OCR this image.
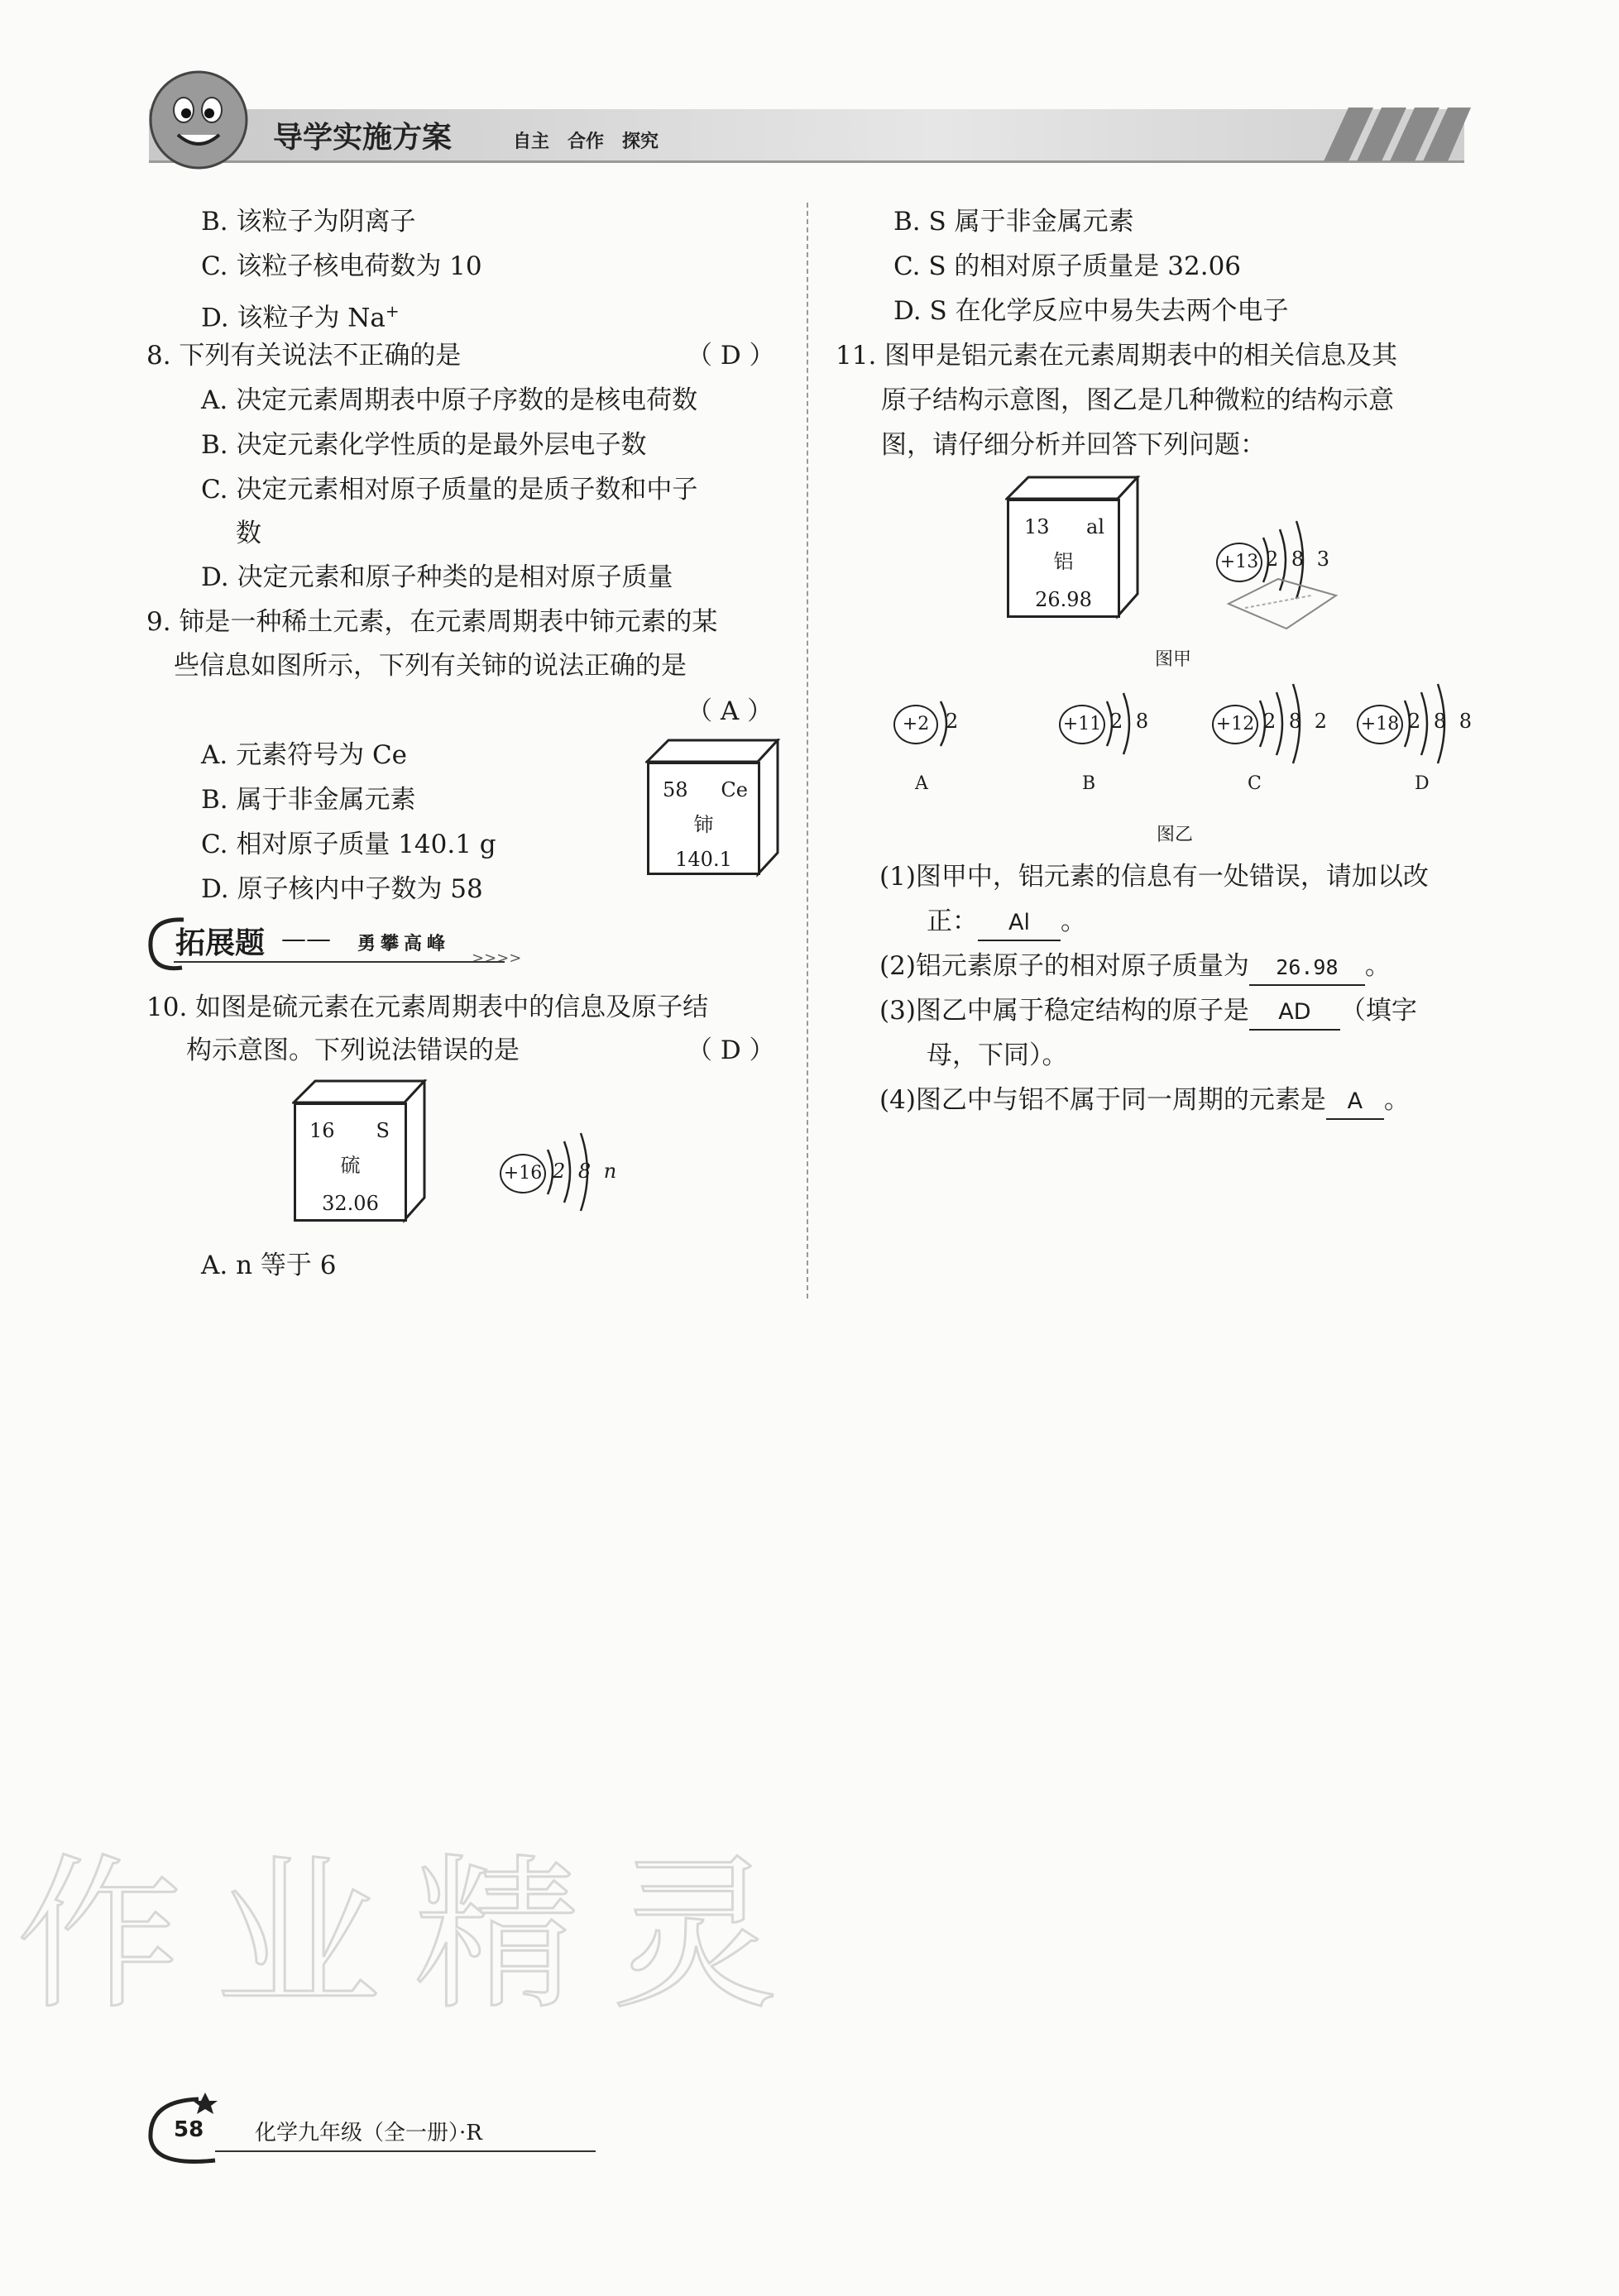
导学实施方案	自主　合作　探究
B. 该粒子为阴离子
C. 该粒子核电荷数为 10
D. 该粒子为 Na+
8. 下列有关说法不正确的是	（ D ）
A. 决定元素周期表中原子序数的是核电荷数
B. 决定元素化学性质的是最外层电子数
C. 决定元素相对原子质量的是质子数和中子
数
D. 决定元素和原子种类的是相对原子质量
9. 铈是一种稀土元素，在元素周期表中铈元素的某
些信息如图所示，下列有关铈的说法正确的是
（ A ）
A. 元素符号为 Ce
B. 属于非金属元素
C. 相对原子质量 140.1 g
D. 原子核内中子数为 58
58 Ce
铈
140.1
拓展题 —— 勇攀高峰
>>>>
10. 如图是硫元素在元素周期表中的信息及原子结
构示意图。下列说法错误的是	（ D ）
16 S
硫
32.06
+16 2 8 n
A. n 等于 6
B. S 属于非金属元素
C. S 的相对原子质量是 32.06
D. S 在化学反应中易失去两个电子
11. 图甲是铝元素在元素周期表中的相关信息及其
原子结构示意图，图乙是几种微粒的结构示意
图，请仔细分析并回答下列问题：
13 al
铝
26.98
+13 2 8 3
图甲
+2 2
A
+11 2 8
B
+12 2 8 2
C
+18 2 8 8
D
图乙
(1)图甲中，铝元素的信息有一处错误，请加以改
正： Al 。
(2)铝元素原子的相对原子质量为 26.98 。
(3)图乙中属于稳定结构的原子是 AD （填字
母，下同）。
(4)图乙中与铝不属于同一周期的元素是 A 。
作业精灵
58 化学九年级（全一册）·R
